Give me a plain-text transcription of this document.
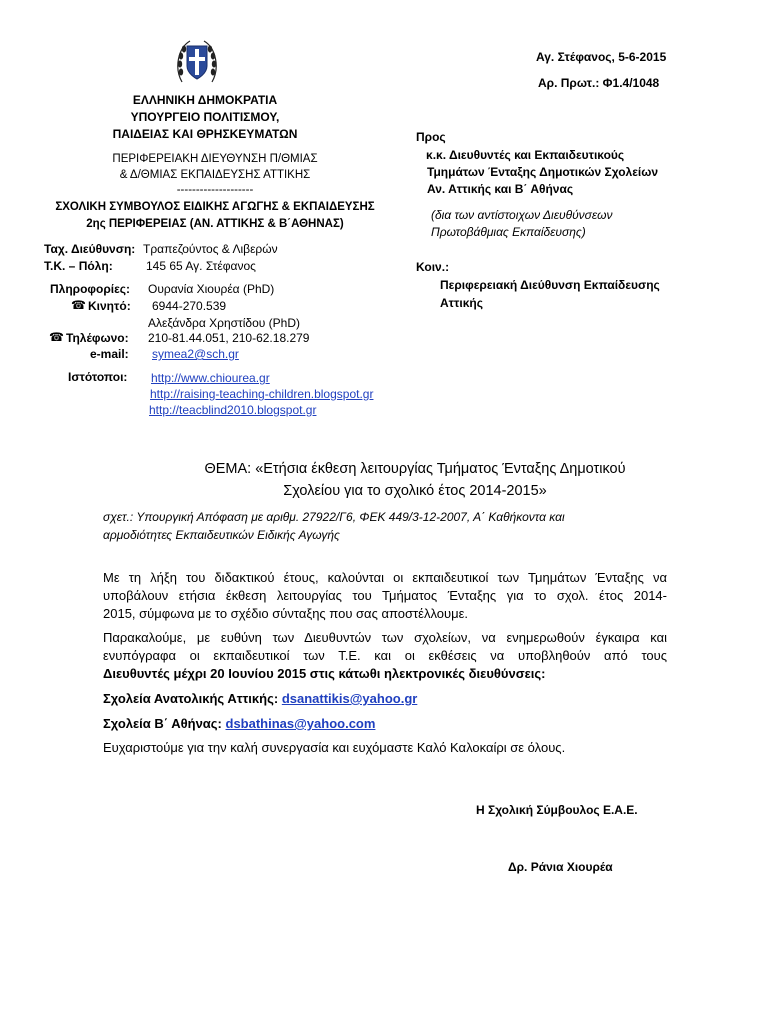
Αγ. Στέφανος, 5-6-2015
Αρ. Πρωτ.: Φ1.4/1048
ΕΛΛΗΝΙΚΗ ΔΗΜΟΚΡΑΤΙΑ
ΥΠΟΥΡΓΕΙΟ ΠΟΛΙΤΙΣΜΟΥ,
ΠΑΙΔΕΙΑΣ ΚΑΙ ΘΡΗΣΚΕΥΜΑΤΩΝ
ΠΕΡΙΦΕΡΕΙΑΚΗ ΔΙΕΥΘΥΝΣΗ Π/ΘΜΙΑΣ
& Δ/ΘΜΙΑΣ ΕΚΠΑΙΔΕΥΣΗΣ ΑΤΤΙΚΗΣ
--------------------
ΣΧΟΛΙΚΗ ΣΥΜΒΟΥΛΟΣ ΕΙΔΙΚΗΣ ΑΓΩΓΗΣ & ΕΚΠΑΙΔΕΥΣΗΣ
2ης ΠΕΡΙΦΕΡΕΙΑΣ (ΑΝ. ΑΤΤΙΚΗΣ & Β΄ΑΘΗΝΑΣ)
Ταχ. Διεύθυνση: Τραπεζούντος & Λιβερών
Τ.Κ. – Πόλη:	145 65 Αγ. Στέφανος
Πληροφορίες: Ουρανία Χιουρέα (PhD)
☎ Κινητό: 6944-270.539
Αλεξάνδρα Χρηστίδου (PhD)
☎ Τηλέφωνο: 210-81.44.051, 210-62.18.279
e-mail: symea2@sch.gr
Ιστότοποι: http://www.chiourea.gr
http://raising-teaching-children.blogspot.gr
http://teacblind2010.blogspot.gr
Προς
κ.κ. Διευθυντές και Εκπαιδευτικούς
Τμημάτων Ένταξης Δημοτικών Σχολείων
Αν. Αττικής και Β΄ Αθήνας
(δια των αντίστοιχων Διευθύνσεων
Πρωτοβάθμιας Εκπαίδευσης)
Κοιν.:
Περιφερειακή Διεύθυνση Εκπαίδευσης
Αττικής
ΘΕΜΑ: «Ετήσια έκθεση λειτουργίας Τμήματος Ένταξης Δημοτικού
Σχολείου για το σχολικό έτος 2014-2015»
σχετ.: Υπουργική Απόφαση με αριθμ. 27922/Γ6, ΦΕΚ 449/3-12-2007, Α΄ Καθήκοντα και
αρμοδιότητες Εκπαιδευτικών Ειδικής Αγωγής
Με τη λήξη του διδακτικού έτους, καλούνται οι εκπαιδευτικοί των Τμημάτων Ένταξης να
υποβάλουν ετήσια έκθεση λειτουργίας του Τμήματος Ένταξης για το σχολ. έτος 2014-
2015, σύμφωνα με το σχέδιο σύνταξης που σας αποστέλλουμε.
Παρακαλούμε, με ευθύνη των Διευθυντών των σχολείων, να ενημερωθούν έγκαιρα και
ενυπόγραφα οι εκπαιδευτικοί των Τ.Ε. και οι εκθέσεις να υποβληθούν από τους
Διευθυντές μέχρι 20 Ιουνίου 2015 στις κάτωθι ηλεκτρονικές διευθύνσεις:
Σχολεία Ανατολικής Αττικής: dsanattikis@yahoo.gr
Σχολεία Β΄ Αθήνας: dsbathinas@yahoo.com
Ευχαριστούμε για την καλή συνεργασία και ευχόμαστε Καλό Καλοκαίρι σε όλους.
Η Σχολική Σύμβουλος Ε.Α.Ε.
Δρ. Ράνια Χιουρέα
